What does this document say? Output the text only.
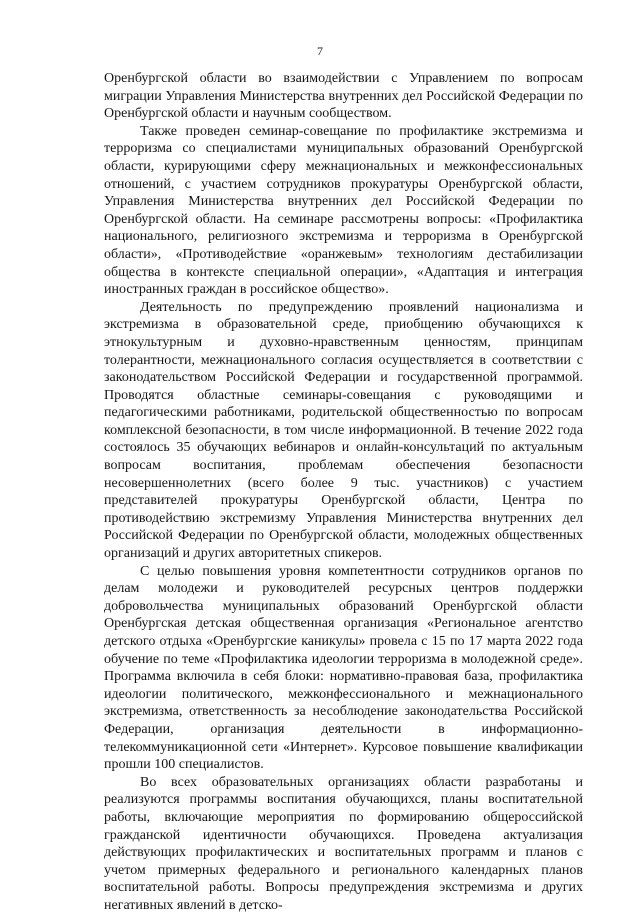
7

Оренбургской области во взаимодействии с Управлением по вопросам миграции Управления Министерства внутренних дел Российской Федерации по Оренбургской области и научным сообществом.

Также проведен семинар-совещание по профилактике экстремизма и терроризма со специалистами муниципальных образований Оренбургской области, курирующими сферу межнациональных и межконфессиональных отношений, с участием сотрудников прокуратуры Оренбургской области, Управления Министерства внутренних дел Российской Федерации по Оренбургской области. На семинаре рассмотрены вопросы: «Профилактика национального, религиозного экстремизма и терроризма в Оренбургской области», «Противодействие «оранжевым» технологиям дестабилизации общества в контексте специальной операции», «Адаптация и интеграция иностранных граждан в российское общество».

Деятельность по предупреждению проявлений национализма и экстремизма в образовательной среде, приобщению обучающихся к этнокультурным и духовно-нравственным ценностям, принципам толерантности, межнационального согласия осуществляется в соответствии с законодательством Российской Федерации и государственной программой. Проводятся областные семинары-совещания с руководящими и педагогическими работниками, родительской общественностью по вопросам комплексной безопасности, в том числе информационной. В течение 2022 года состоялось 35 обучающих вебинаров и онлайн-консультаций по актуальным вопросам воспитания, проблемам обеспечения безопасности несовершеннолетних (всего более 9 тыс. участников) с участием представителей прокуратуры Оренбургской области, Центра по противодействию экстремизму Управления Министерства внутренних дел Российской Федерации по Оренбургской области, молодежных общественных организаций и других авторитетных спикеров.

С целью повышения уровня компетентности сотрудников органов по делам молодежи и руководителей ресурсных центров поддержки добровольчества муниципальных образований Оренбургской области Оренбургская детская общественная организация «Региональное агентство детского отдыха «Оренбургские каникулы» провела с 15 по 17 марта 2022 года обучение по теме «Профилактика идеологии терроризма в молодежной среде». Программа включила в себя блоки: нормативно-правовая база, профилактика идеологии политического, межконфессионального и межнационального экстремизма, ответственность за несоблюдение законодательства Российской Федерации, организация деятельности в информационно-телекоммуникационной сети «Интернет». Курсовое повышение квалификации прошли 100 специалистов.

Во всех образовательных организациях области разработаны и реализуются программы воспитания обучающихся, планы воспитательной работы, включающие мероприятия по формированию общероссийской гражданской идентичности обучающихся. Проведена актуализация действующих профилактических и воспитательных программ и планов с учетом примерных федерального и регионального календарных планов воспитательной работы. Вопросы предупреждения экстремизма и других негативных явлений в детско-
